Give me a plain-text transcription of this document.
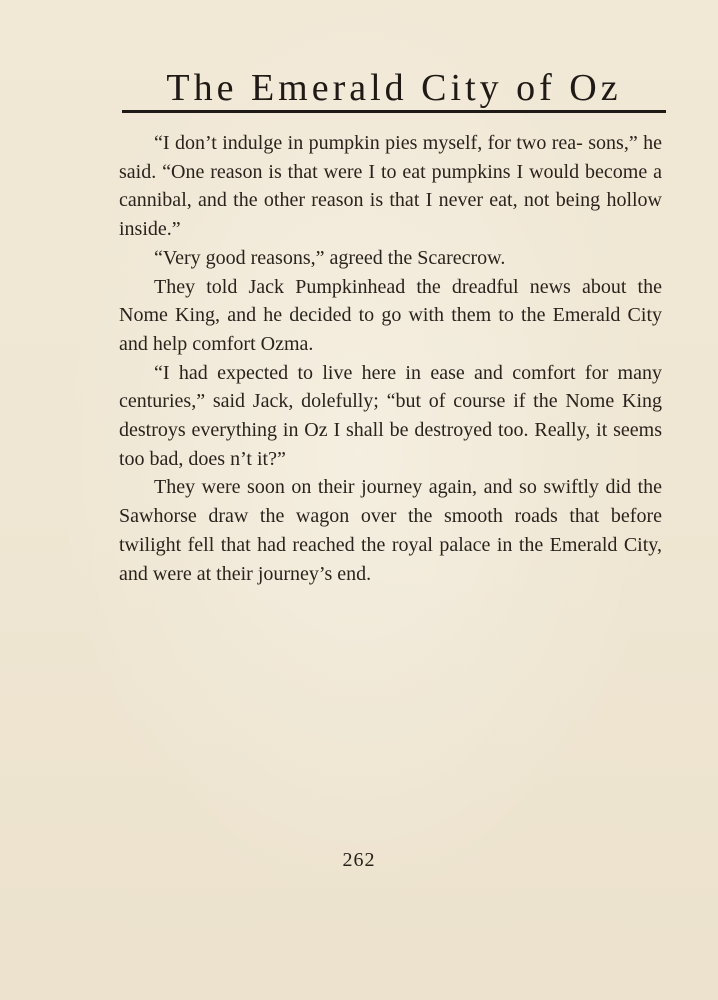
The Emerald City of Oz

“I don’t indulge in pumpkin pies myself, for two rea- sons,” he said. “One reason is that were I to eat pumpkins I would become a cannibal, and the other reason is that I never eat, not being hollow inside.”

“Very good reasons,” agreed the Scarecrow.

They told Jack Pumpkinhead the dreadful news about the Nome King, and he decided to go with them to the Emerald City and help comfort Ozma.

“I had expected to live here in ease and comfort for many centuries,” said Jack, dolefully; “but of course if the Nome King destroys everything in Oz I shall be destroyed too. Really, it seems too bad, does n’t it?”

They were soon on their journey again, and so swiftly did the Sawhorse draw the wagon over the smooth roads that before twilight fell that had reached the royal palace in the Emerald City, and were at their journey’s end.

262
